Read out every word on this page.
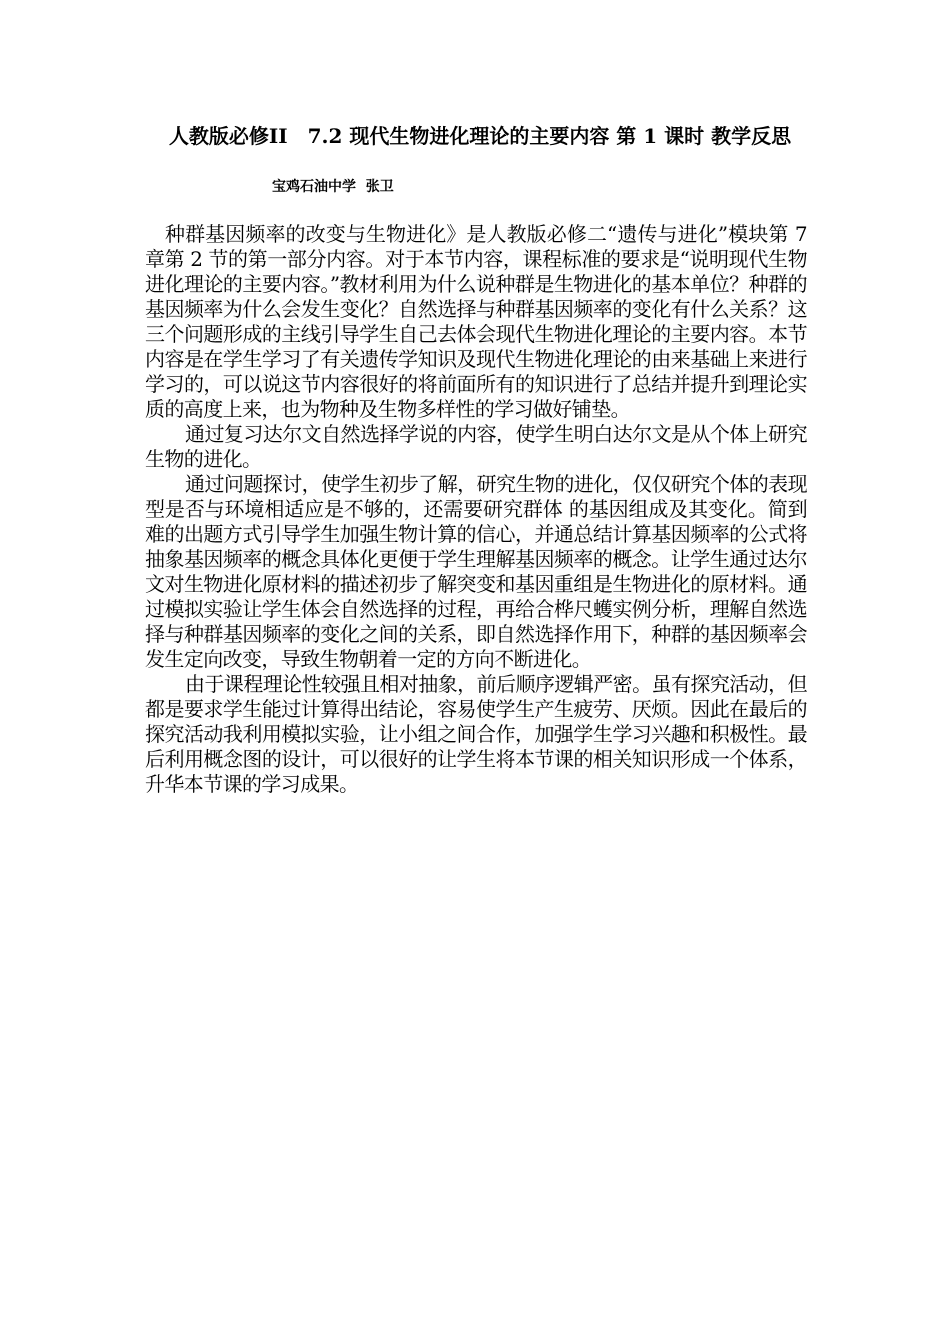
人教版必修II　7.2 现代生物进化理论的主要内容 第 1 课时 教学反思

宝鸡石油中学  张卫

种群基因频率的改变与生物进化》是人教版必修二“遗传与进化”模块第 7 章第 2 节的第一部分内容。对于本节内容，课程标准的要求是“说明现代生物进化理论的主要内容。”教材利用为什么说种群是生物进化的基本单位？种群的基因频率为什么会发生变化？自然选择与种群基因频率的变化有什么关系？这三个问题形成的主线引导学生自己去体会现代生物进化理论的主要内容。本节内容是在学生学习了有关遗传学知识及现代生物进化理论的由来基础上来进行学习的，可以说这节内容很好的将前面所有的知识进行了总结并提升到理论实质的高度上来，也为物种及生物多样性的学习做好铺垫。

通过复习达尔文自然选择学说的内容，使学生明白达尔文是从个体上研究生物的进化。

通过问题探讨，使学生初步了解，研究生物的进化，仅仅研究个体的表现型是否与环境相适应是不够的，还需要研究群体 的基因组成及其变化。简到难的出题方式引导学生加强生物计算的信心，并通总结计算基因频率的公式将抽象基因频率的概念具体化更便于学生理解基因频率的概念。让学生通过达尔文对生物进化原材料的描述初步了解突变和基因重组是生物进化的原材料。通过模拟实验让学生体会自然选择的过程，再给合桦尺蠖实例分析，理解自然选择与种群基因频率的变化之间的关系，即自然选择作用下，种群的基因频率会发生定向改变，导致生物朝着一定的方向不断进化。

由于课程理论性较强且相对抽象，前后顺序逻辑严密。虽有探究活动，但都是要求学生能过计算得出结论，容易使学生产生疲劳、厌烦。因此在最后的探究活动我利用模拟实验，让小组之间合作，加强学生学习兴趣和积极性。最后利用概念图的设计，可以很好的让学生将本节课的相关知识形成一个体系，升华本节课的学习成果。
